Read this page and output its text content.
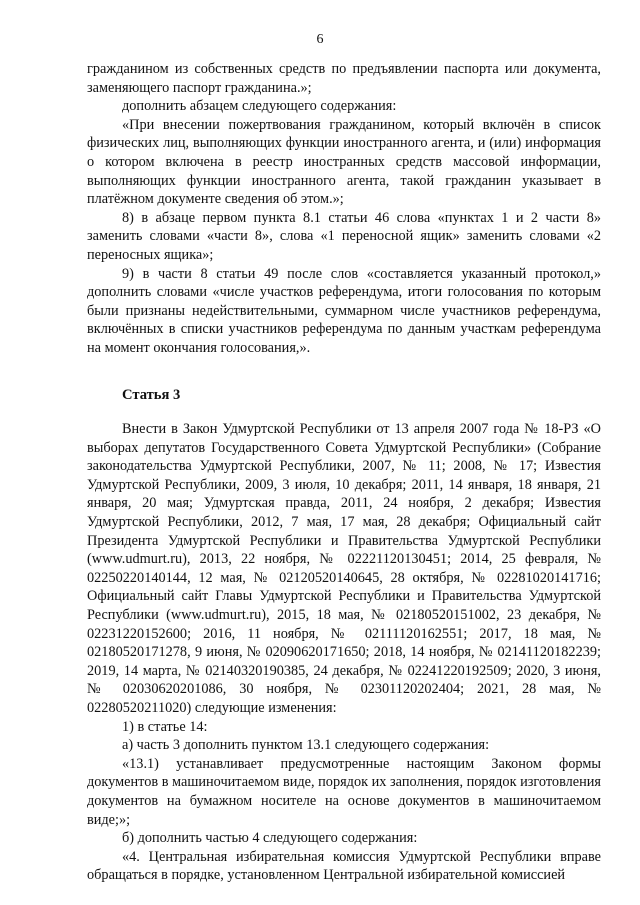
6

гражданином из собственных средств по предъявлении паспорта или документа, заменяющего паспорт гражданина.»;

дополнить абзацем следующего содержания:

«При внесении пожертвования гражданином, который включён в список физических лиц, выполняющих функции иностранного агента, и (или) информация о котором включена в реестр иностранных средств массовой информации, выполняющих функции иностранного агента, такой гражданин указывает в платёжном документе сведения об этом.»;

8) в абзаце первом пункта 8.1 статьи 46 слова «пунктах 1 и 2 части 8» заменить словами «части 8», слова «1 переносной ящик» заменить словами «2 переносных ящика»;

9) в части 8 статьи 49 после слов «составляется указанный протокол,» дополнить словами «числе участков референдума, итоги голосования по которым были признаны недействительными, суммарном числе участников референдума, включённых в списки участников референдума по данным участкам референдума на момент окончания голосования,».

Статья 3

Внести в Закон Удмуртской Республики от 13 апреля 2007 года № 18-РЗ «О выборах депутатов Государственного Совета Удмуртской Республики» (Собрание законодательства Удмуртской Республики, 2007, № 11; 2008, № 17; Известия Удмуртской Республики, 2009, 3 июля, 10 декабря; 2011, 14 января, 18 января, 21 января, 20 мая; Удмуртская правда, 2011, 24 ноября, 2 декабря; Известия Удмуртской Республики, 2012, 7 мая, 17 мая, 28 декабря; Официальный сайт Президента Удмуртской Республики и Правительства Удмуртской Республики (www.udmurt.ru), 2013, 22 ноября, № 02221120130451; 2014, 25 февраля, № 02250220140144, 12 мая, № 02120520140645, 28 октября, № 02281020141716; Официальный сайт Главы Удмуртской Республики и Правительства Удмуртской Республики (www.udmurt.ru), 2015, 18 мая, № 02180520151002, 23 декабря, № 02231220152600; 2016, 11 ноября, № 02111120162551; 2017, 18 мая, № 02180520171278, 9 июня, № 02090620171650; 2018, 14 ноября, № 02141120182239; 2019, 14 марта, № 02140320190385, 24 декабря, № 02241220192509; 2020, 3 июня, № 02030620201086, 30 ноября, № 02301120202404; 2021, 28 мая, № 02280520211020) следующие изменения:

1) в статье 14:

а) часть 3 дополнить пунктом 13.1 следующего содержания:

«13.1) устанавливает предусмотренные настоящим Законом формы документов в машиночитаемом виде, порядок их заполнения, порядок изготовления документов на бумажном носителе на основе документов в машиночитаемом виде;»;

б) дополнить частью 4 следующего содержания:

«4. Центральная избирательная комиссия Удмуртской Республики вправе обращаться в порядке, установленном Центральной избирательной комиссией
